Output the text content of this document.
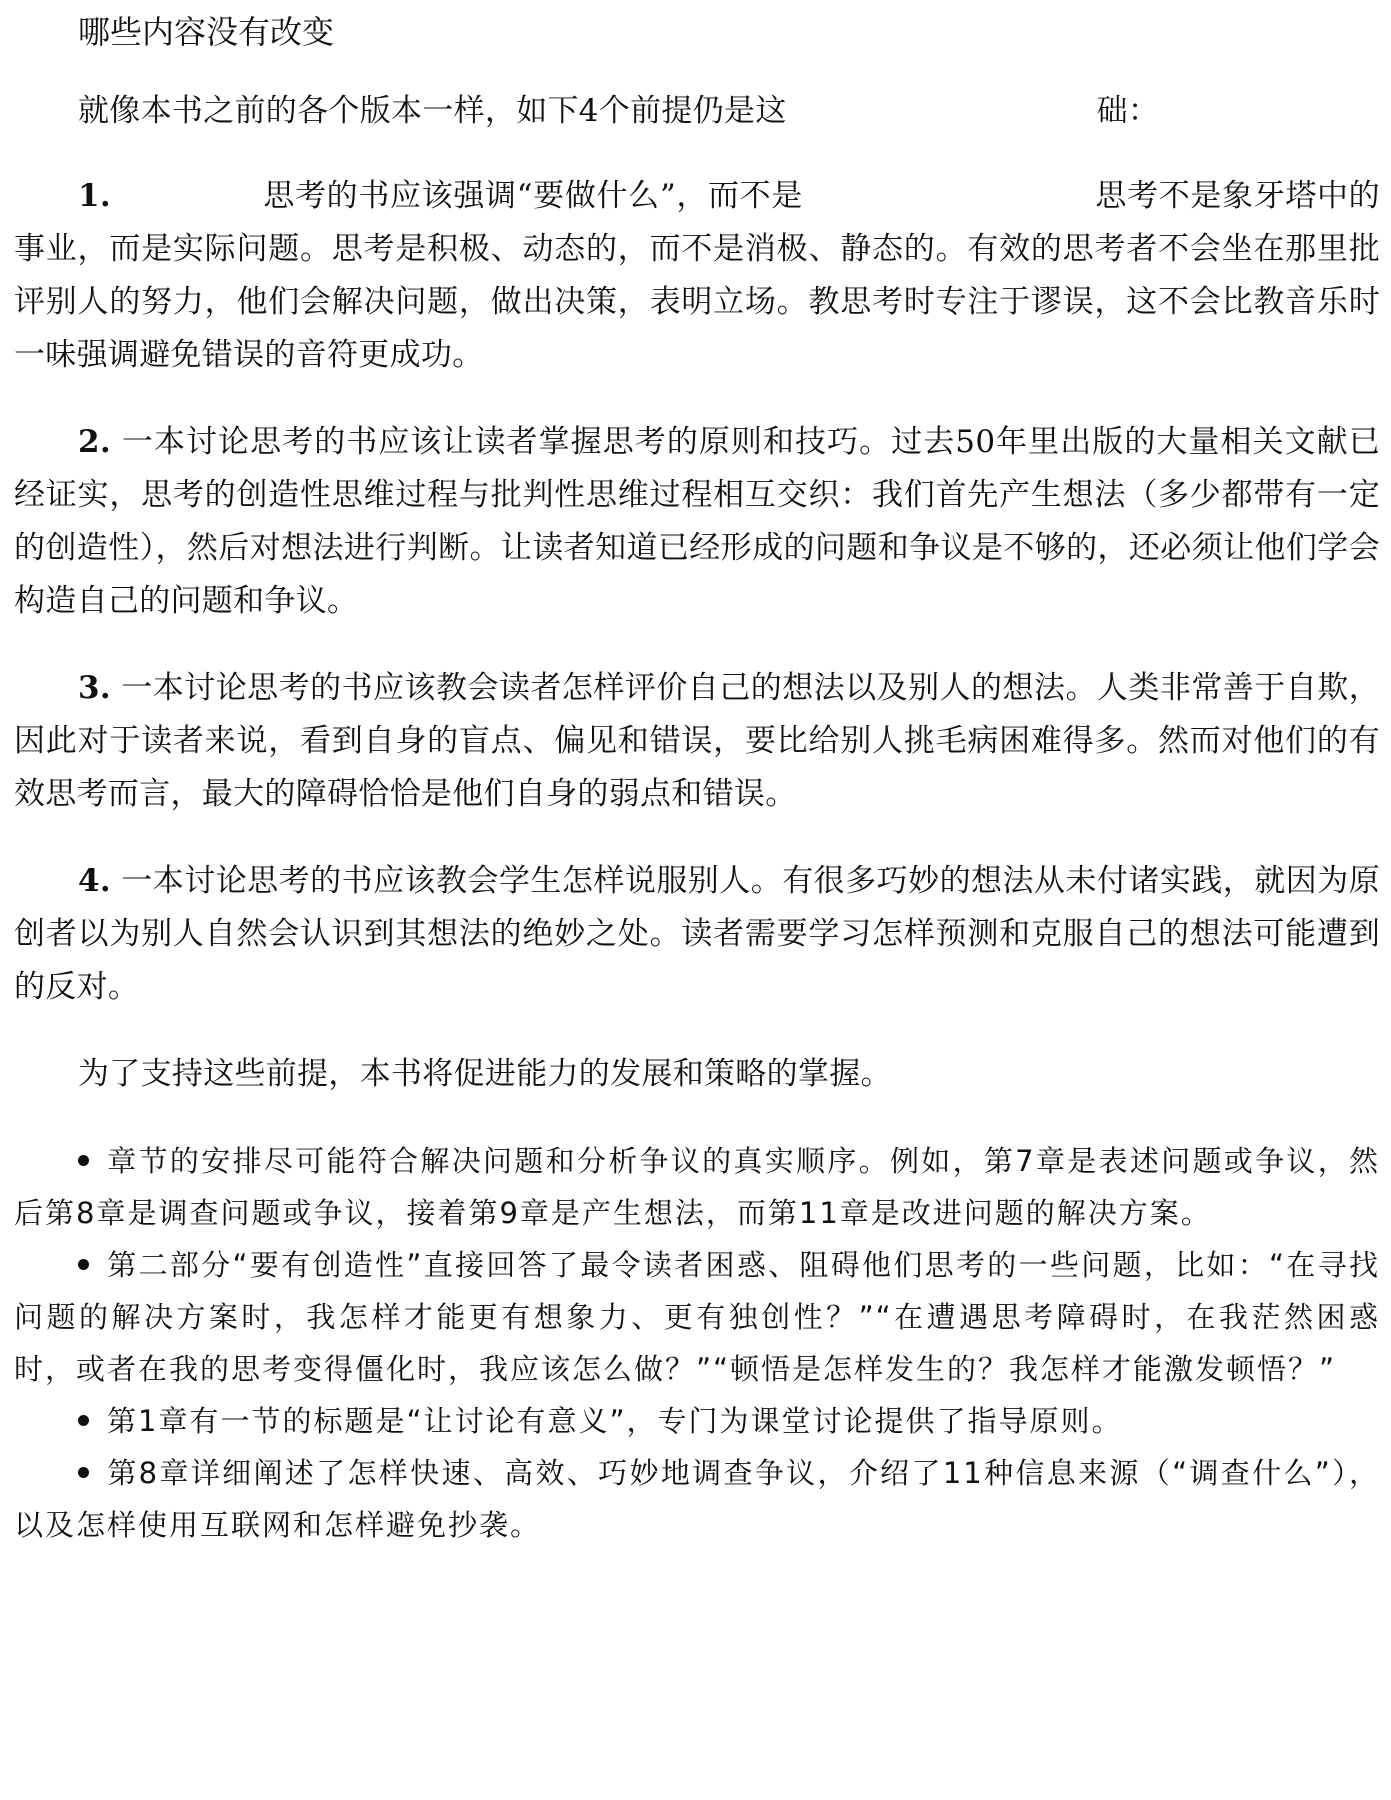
哪些内容没有改变

就像本书之前的各个版本一样，如下4个前提仍是这	础：

1.	思考的书应该强调“要做什么”，而不是	思考不是象牙塔中的事业，而是实际问题。思考是积极、动态的，而不是消极、静态的。有效的思考者不会坐在那里批评别人的努力，他们会解决问题，做出决策，表明立场。教思考时专注于谬误，这不会比教音乐时一味强调避免错误的音符更成功。

2. 一本讨论思考的书应该让读者掌握思考的原则和技巧。过去50年里出版的大量相关文献已经证实，思考的创造性思维过程与批判性思维过程相互交织：我们首先产生想法（多少都带有一定的创造性），然后对想法进行判断。让读者知道已经形成的问题和争议是不够的，还必须让他们学会构造自己的问题和争议。

3. 一本讨论思考的书应该教会读者怎样评价自己的想法以及别人的想法。人类非常善于自欺，因此对于读者来说，看到自身的盲点、偏见和错误，要比给别人挑毛病困难得多。然而对他们的有效思考而言，最大的障碍恰恰是他们自身的弱点和错误。

4. 一本讨论思考的书应该教会学生怎样说服别人。有很多巧妙的想法从未付诸实践，就因为原创者以为别人自然会认识到其想法的绝妙之处。读者需要学习怎样预测和克服自己的想法可能遭到的反对。

为了支持这些前提，本书将促进能力的发展和策略的掌握。

章节的安排尽可能符合解决问题和分析争议的真实顺序。例如，第7章是表述问题或争议，然后第8章是调查问题或争议，接着第9章是产生想法，而第11章是改进问题的解决方案。

第二部分“要有创造性”直接回答了最令读者困惑、阻碍他们思考的一些问题，比如：“在寻找问题的解决方案时，我怎样才能更有想象力、更有独创性？”“在遭遇思考障碍时，在我茫然困惑时，或者在我的思考变得僵化时，我应该怎么做？”“顿悟是怎样发生的？我怎样才能激发顿悟？”

第1章有一节的标题是“让讨论有意义”，专门为课堂讨论提供了指导原则。

第8章详细阐述了怎样快速、高效、巧妙地调查争议，介绍了11种信息来源（“调查什么”），以及怎样使用互联网和怎样避免抄袭。
